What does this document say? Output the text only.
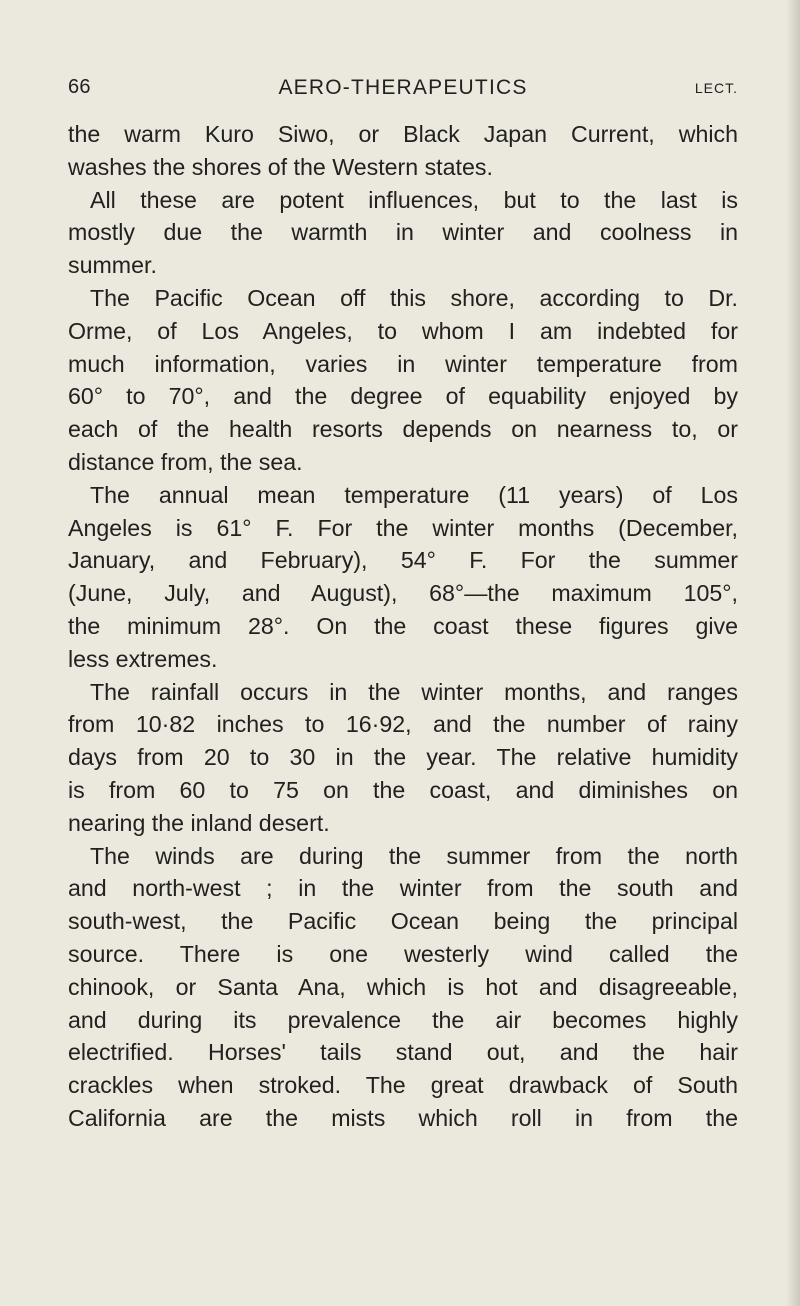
66	AERO-THERAPEUTICS	LECT.
the warm Kuro Siwo, or Black Japan Current, which
washes the shores of the Western states.
All these are potent influences, but to the last is
mostly due the warmth in winter and coolness in
summer.
The Pacific Ocean off this shore, according to Dr.
Orme, of Los Angeles, to whom I am indebted for
much information, varies in winter temperature from
60° to 70°, and the degree of equability enjoyed by
each of the health resorts depends on nearness to, or
distance from, the sea.
The annual mean temperature (11 years) of Los
Angeles is 61° F. For the winter months (December,
January, and February), 54° F. For the summer
(June, July, and August), 68°—the maximum 105°,
the minimum 28°. On the coast these figures give
less extremes.
The rainfall occurs in the winter months, and ranges
from 10·82 inches to 16·92, and the number of rainy
days from 20 to 30 in the year. The relative humidity
is from 60 to 75 on the coast, and diminishes on
nearing the inland desert.
The winds are during the summer from the north
and north-west ; in the winter from the south and
south-west, the Pacific Ocean being the principal
source. There is one westerly wind called the
chinook, or Santa Ana, which is hot and disagreeable,
and during its prevalence the air becomes highly
electrified. Horses' tails stand out, and the hair
crackles when stroked. The great drawback of South
California are the mists which roll in from the
